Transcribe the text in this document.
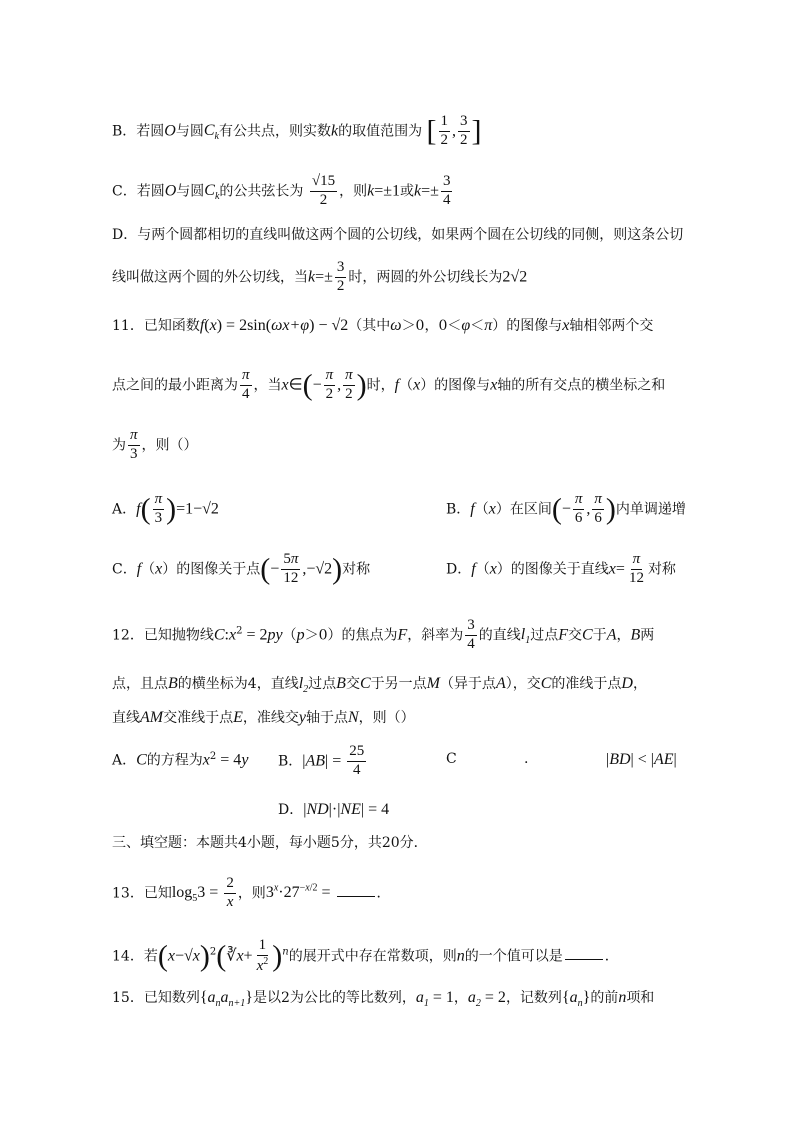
B．若圆O与圆$C_k$有公共点，则实数k的取值范围为 [ $\frac{1}{2}$ , $\frac{3}{2}$ ]
C．若圆O与圆$C_k$的公共弦长为 $\frac{√15}{2}$ ，则k=±1或$k=\pm \frac{3}{4}$
D．与两个圆都相切的直线叫做这两个圆的公切线，如果两个圆在公切线的同侧，则这条公切
线叫做这两个圆的外公切线，当$k=\pm \frac{3}{2}$ 时，两圆的外公切线长为2√2
11．已知函数f(x) = 2sin(ωx+φ) − √2（其中ω＞0，0＜φ＜π）的图像与x轴相邻两个交
点之间的最小距离为 $\frac{\pi}{4}$ ，当x∈(− $\frac{\pi}{2}$ , $\frac{\pi}{2}$ )时，f（x）的图像与x轴的所有交点的横坐标之和
为 $\frac{\pi}{3}$ ，则（）
A．$f( \frac{\pi}{3} )=1-√2$	B．f（x）在区间(− $\frac{\pi}{6}$ , $\frac{\pi}{6}$ )内单调递增
C．f（x）的图像关于点(− $\frac{5\pi}{12} ,-√2$)对称	D．f（x）的图像关于直线$x= \frac{\pi}{12}$ 对称
12．已知抛物线$C:x^2 = 2py(p>0)$的焦点为F，斜率为 $\frac{3}{4}$ 的直线$l_1$过点F交C于A，B两
点，且点B的横坐标为4，直线$l_2$过点B交C于另一点M（异于点A），交C的准线于点D，
直线AM交准线于点E，准线交y轴于点N，则（）
A．C的方程为$x^2 = 4y$ B．$|AB| = \frac{25}{4}$	C	.	|BD| < |AE|
D．|ND|·|NE| = 4
三、填空题：本题共4小题，每小题5分，共20分．
13．已知$\log_53 = \frac{2}{x}$ ，则$3^x\cdot 27^{-x/2}$ =	．
14．若$(x-√x)^2(∛x+ \frac{1}{x^2} )^n$的展开式中存在常数项，则n的一个值可以是	．
15．已知数列$\{a_na_{n+1}\}$是以2为公比的等比数列，$a_1 = 1$，$a_2 = 2$，记数列$\{a_n\}$的前n项和
